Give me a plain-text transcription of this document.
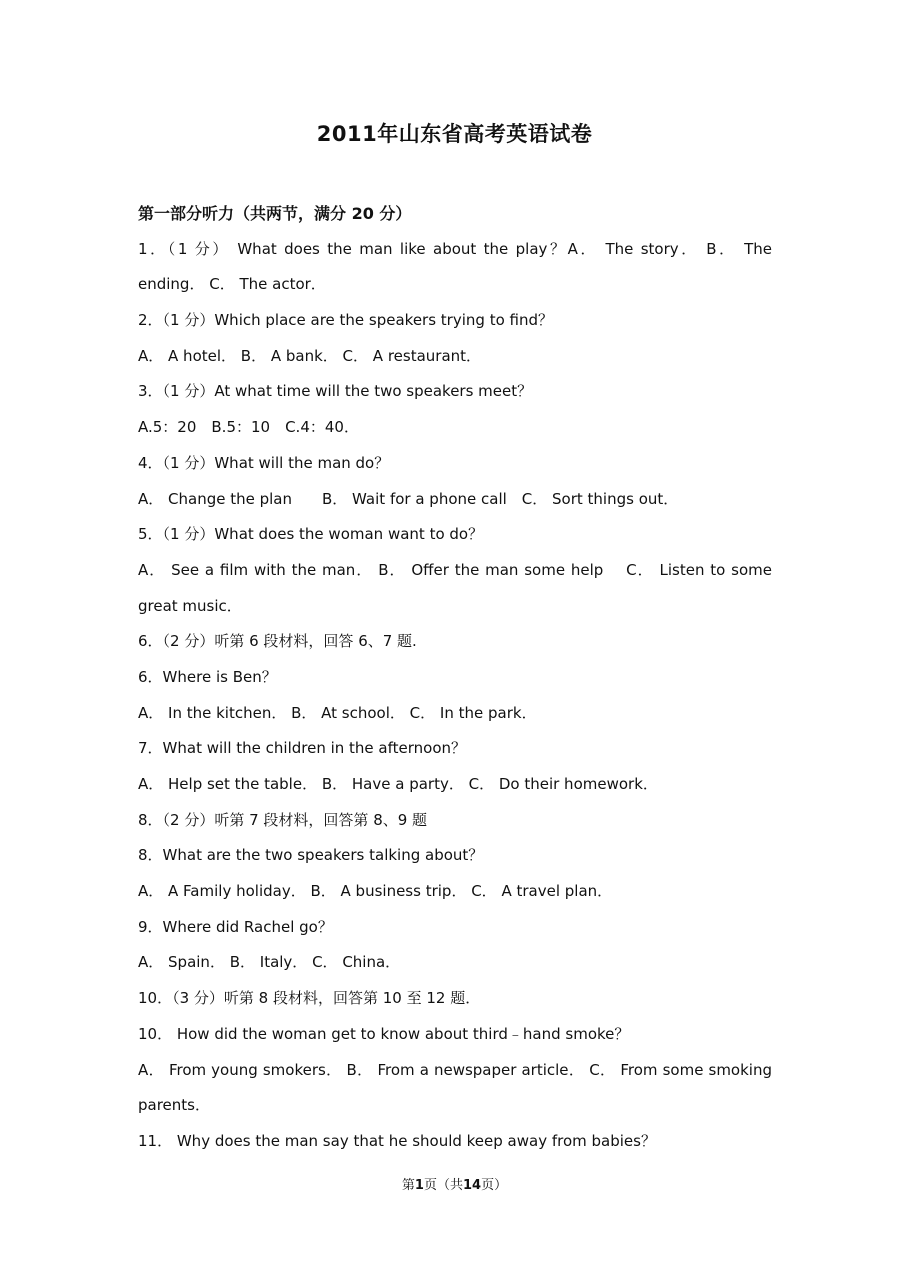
2011年山东省高考英语试卷
第一部分听力（共两节，满分 20 分）
1．（1 分） What does the man like about the play？A． The story． B． The
ending． C． The actor．
2．（1 分）Which place are the speakers trying to find？
A． A hotel． B． A bank． C． A restaurant．
3．（1 分）At what time will the two speakers meet？
A.5：20　B.5：10　C.4：40．
4．（1 分）What will the man do？
A． Change the plan　　B． Wait for a phone call　C． Sort things out．
5．（1 分）What does the woman want to do？
A． See a film with the man． B． Offer the man some help　 C． Listen to some
great music．
6．（2 分）听第 6 段材料，回答 6、7 题.
6．Where is Ben？
A． In the kitchen． B． At school． C． In the park．
7．What will the children in the afternoon？
A． Help set the table． B． Have a party． C． Do their homework．
8．（2 分）听第 7 段材料，回答第 8、9 题
8．What are the two speakers talking about？
A． A Family holiday． B． A business trip． C． A travel plan．
9．Where did Rachel go？
A． Spain． B． Italy． C． China．
10．（3 分）听第 8 段材料，回答第 10 至 12 题．
10． How did the woman get to know about third﹣hand smoke？
A． From young smokers． B． From a newspaper article． C． From some smoking
parents．
11． Why does the man say that he should keep away from babies？
第1页（共14页）
